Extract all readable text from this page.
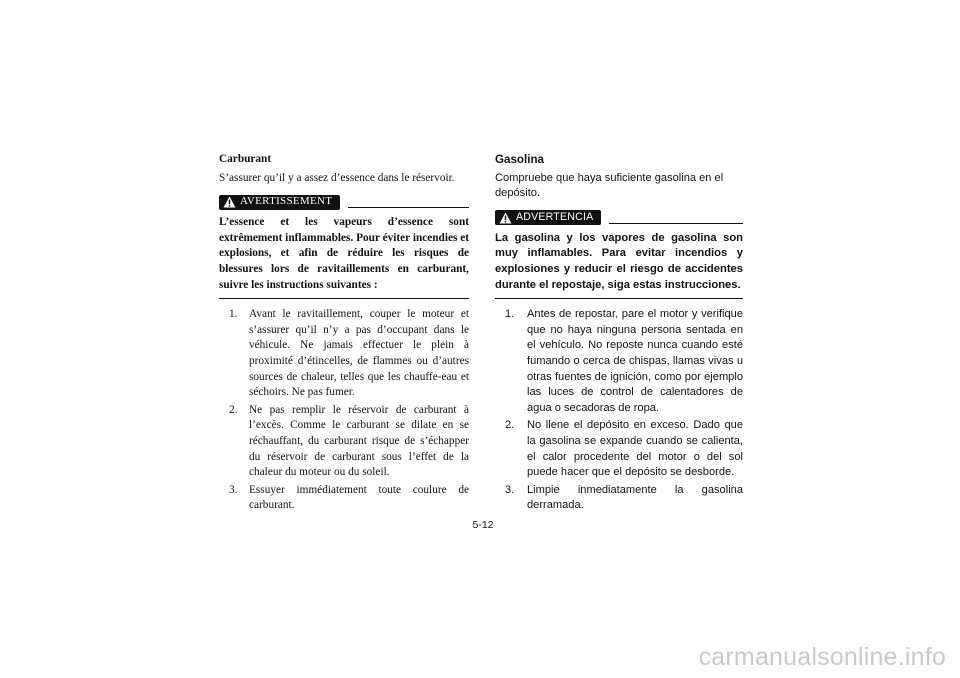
Carburant

S’assurer qu’il y a assez d’essence dans le réservoir.

AVERTISSEMENT

L’essence et les vapeurs d’essence sont extrêmement inflammables. Pour éviter incendies et explosions, et afin de réduire les risques de blessures lors de ravitaillements en carburant, suivre les instructions suivantes :

1.	Avant le ravitaillement, couper le moteur et s’assurer qu’il n’y a pas d’occupant dans le véhicule. Ne jamais effectuer le plein à proximité d’étincelles, de flammes ou d’autres sources de chaleur, telles que les chauffe-eau et séchoirs. Ne pas fumer.
2.	Ne pas remplir le réservoir de carburant à l’excès. Comme le carburant se dilate en se réchauffant, du carburant risque de s’échapper du réservoir de carburant sous l’effet de la chaleur du moteur ou du soleil.
3.	Essuyer immédiatement toute coulure de carburant.

Gasolina

Compruebe que haya suficiente gasolina en el depósito.

ADVERTENCIA

La gasolina y los vapores de gasolina son muy inflamables. Para evitar incendios y explosiones y reducir el riesgo de accidentes durante el repostaje, siga estas instrucciones.

1.	Antes de repostar, pare el motor y verifique que no haya ninguna persona sentada en el vehículo. No reposte nunca cuando esté fumando o cerca de chispas, llamas vivas u otras fuentes de ignición, como por ejemplo las luces de control de calentadores de agua o secadoras de ropa.
2.	No llene el depósito en exceso. Dado que la gasolina se expande cuando se calienta, el calor procedente del motor o del sol puede hacer que el depósito se desborde.
3.	Limpie inmediatamente la gasolina derramada.
5-12
carmanualsonline.info
